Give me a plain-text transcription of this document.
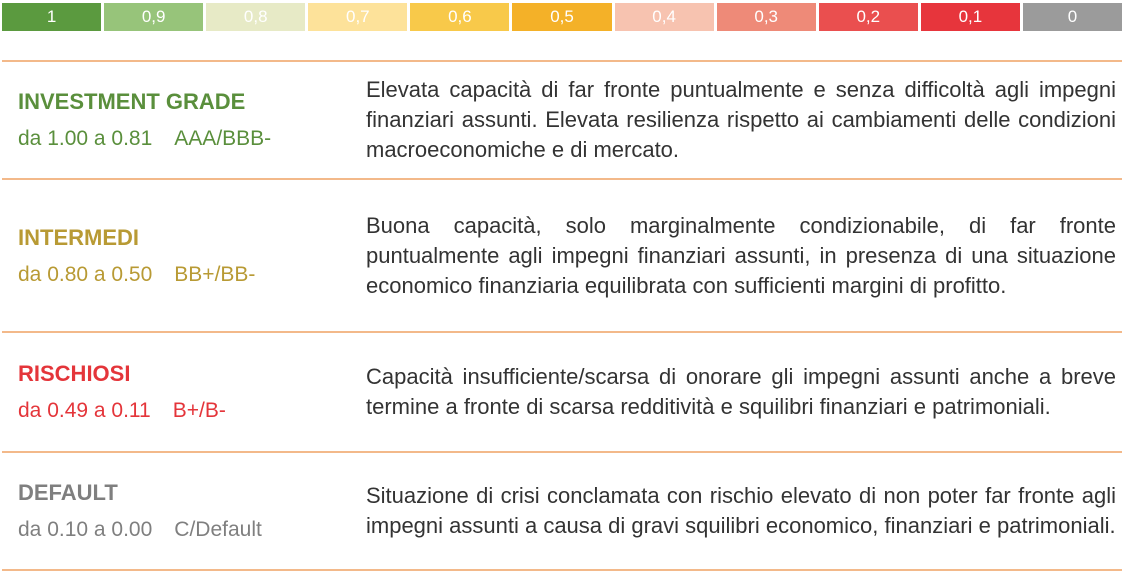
1	0,9	0,8	0,7	0,6	0,5	0,4	0,3	0,2	0,1	0
INVESTMENT GRADE
da 1.00 a 0.81 AAA/BBB-
Elevata capacità di far fronte puntualmente e senza difficoltà agli impegni finanziari assunti. Elevata resilienza rispetto ai cambiamenti delle condizioni macroeconomiche e di mercato.
INTERMEDI
da 0.80 a 0.50 BB+/BB-
Buona capacità, solo marginalmente condizionabile, di far fronte puntualmente agli impegni finanziari assunti, in presenza di una situazione economico finanziaria equilibrata con sufficienti margini di profitto.
RISCHIOSI
da 0.49 a 0.11 B+/B-
Capacità insufficiente/scarsa di onorare gli impegni assunti anche a breve termine a fronte di scarsa redditività e squilibri finanziari e patrimoniali.
DEFAULT
da 0.10 a 0.00 C/Default
Situazione di crisi conclamata con rischio elevato di non poter far fronte agli impegni assunti a causa di gravi squilibri economico, finanziari e patrimoniali.
